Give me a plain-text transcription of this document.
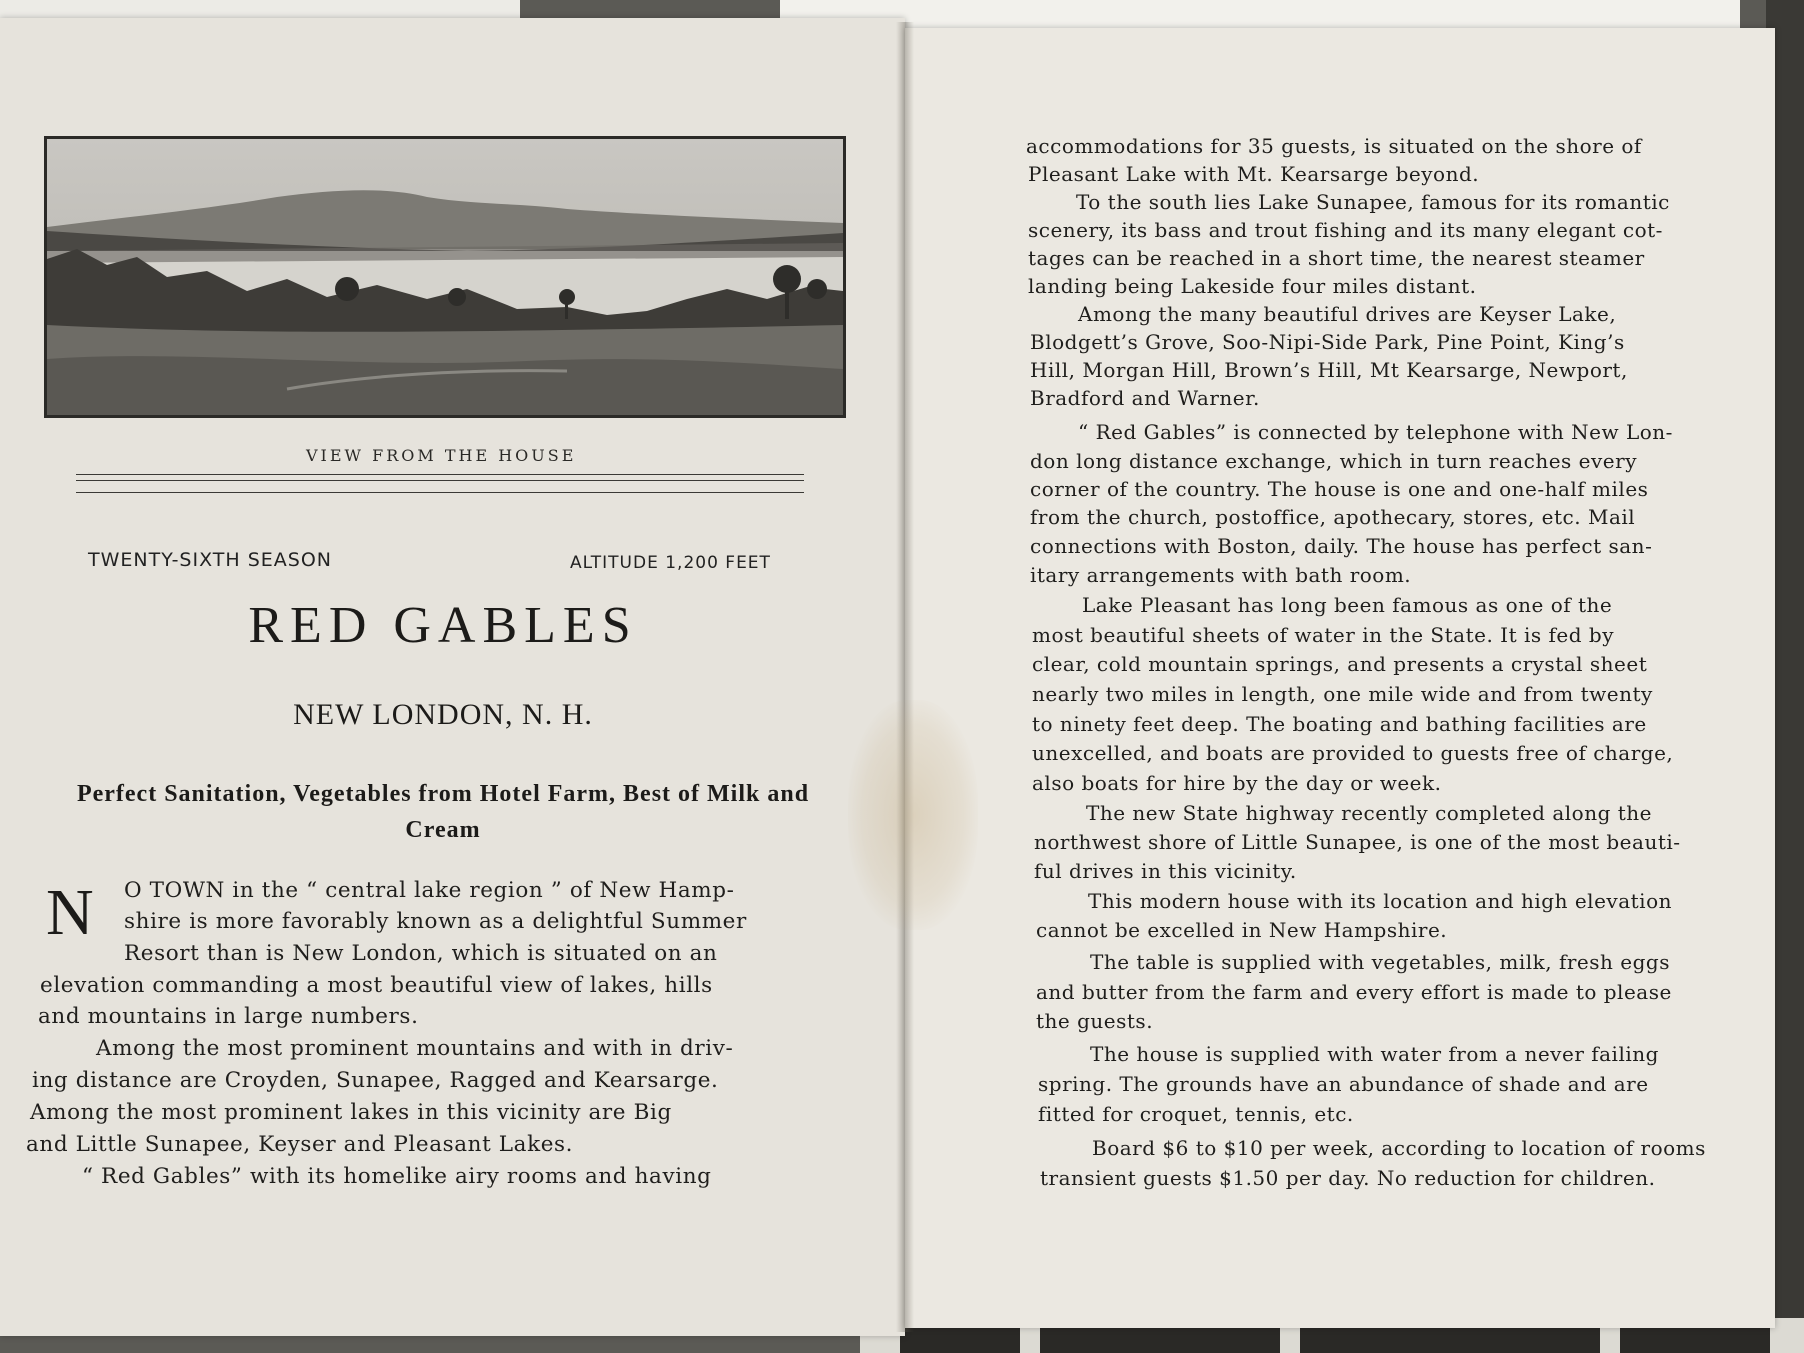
VIEW FROM THE HOUSE
TWENTY-SIXTH SEASON	ALTITUDE 1,200 FEET
RED GABLES
NEW LONDON, N. H.
Perfect Sanitation, Vegetables from Hotel Farm, Best of Milk and Cream
N O TOWN in the “ central lake region ” of New Hamp-
shire is more favorably known as a delightful Summer
Resort than is New London, which is situated on an
elevation commanding a most beautiful view of lakes, hills
and mountains in large numbers.
Among the most prominent mountains and with in driv-
ing distance are Croyden, Sunapee, Ragged and Kearsarge.
Among the most prominent lakes in this vicinity are Big
and Little Sunapee, Keyser and Pleasant Lakes.
“ Red Gables” with its homelike airy rooms and having
accommodations for 35 guests, is situated on the shore of
Pleasant Lake with Mt. Kearsarge beyond.
To the south lies Lake Sunapee, famous for its romantic
scenery, its bass and trout fishing and its many elegant cot-
tages can be reached in a short time, the nearest steamer
landing being Lakeside four miles distant.
Among the many beautiful drives are Keyser Lake,
Blodgett’s Grove, Soo-Nipi-Side Park, Pine Point, King’s
Hill, Morgan Hill, Brown’s Hill, Mt Kearsarge, Newport,
Bradford and Warner.
“ Red Gables” is connected by telephone with New Lon-
don long distance exchange, which in turn reaches every
corner of the country. The house is one and one-half miles
from the church, postoffice, apothecary, stores, etc. Mail
connections with Boston, daily. The house has perfect san-
itary arrangements with bath room.
Lake Pleasant has long been famous as one of the
most beautiful sheets of water in the State. It is fed by
clear, cold mountain springs, and presents a crystal sheet
nearly two miles in length, one mile wide and from twenty
to ninety feet deep. The boating and bathing facilities are
unexcelled, and boats are provided to guests free of charge,
also boats for hire by the day or week.
The new State highway recently completed along the
northwest shore of Little Sunapee, is one of the most beauti-
ful drives in this vicinity.
This modern house with its location and high elevation
cannot be excelled in New Hampshire.
The table is supplied with vegetables, milk, fresh eggs
and butter from the farm and every effort is made to please
the guests.
The house is supplied with water from a never failing
spring. The grounds have an abundance of shade and are
fitted for croquet, tennis, etc.
Board $6 to $10 per week, according to location of rooms
transient guests $1.50 per day. No reduction for children.
